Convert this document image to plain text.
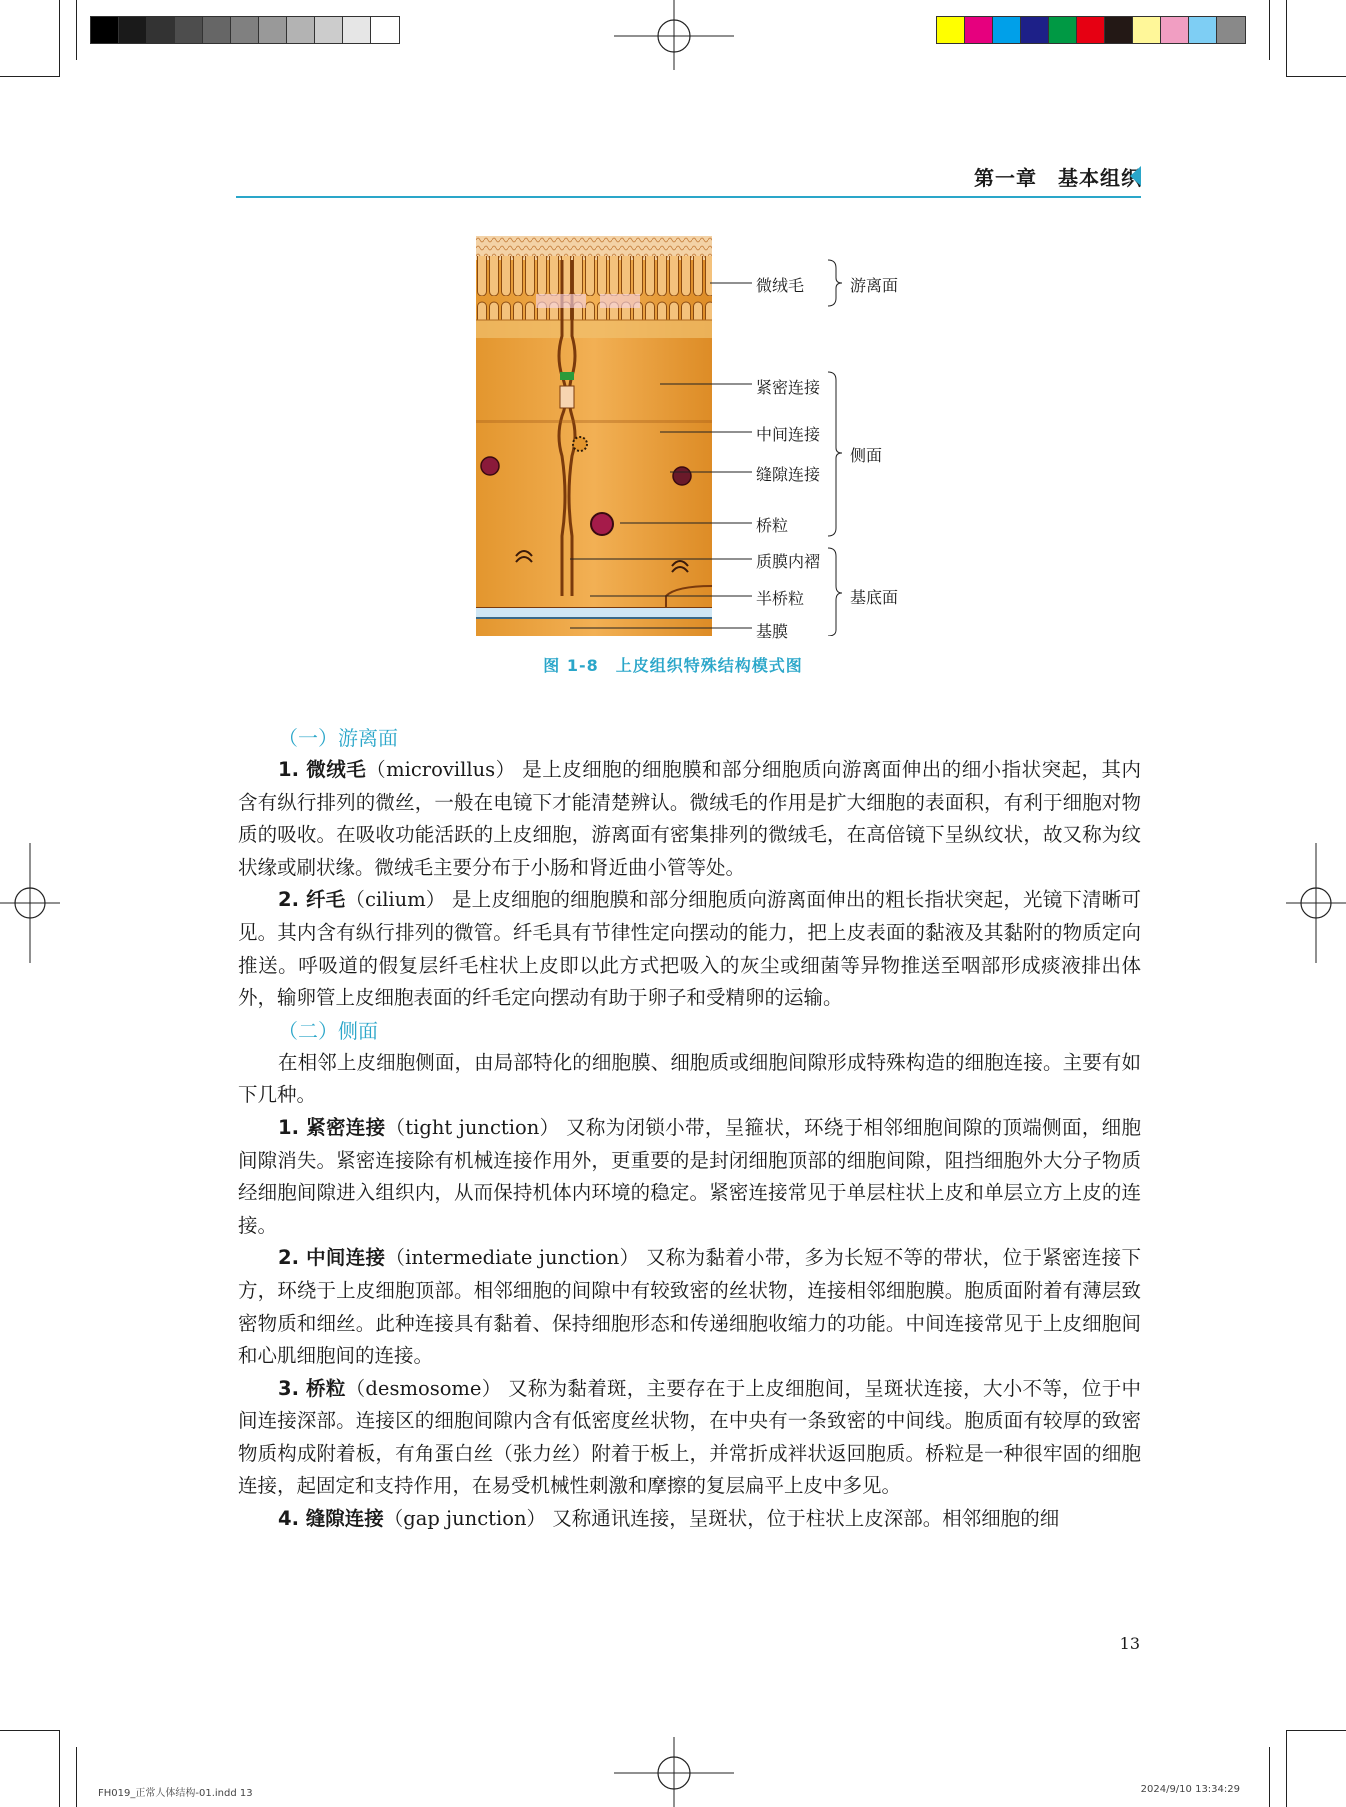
第一章　基本组织
微绒毛	游离面
紧密连接
中间连接
侧面
缝隙连接
桥粒
质膜内褶
基底面
半桥粒
基膜
图 1-8　上皮组织特殊结构模式图

（一）游离面

1. 微绒毛（microvillus） 是上皮细胞的细胞膜和部分细胞质向游离面伸出的细小指状突起，其内含有纵行排列的微丝，一般在电镜下才能清楚辨认。微绒毛的作用是扩大细胞的表面积，有利于细胞对物质的吸收。在吸收功能活跃的上皮细胞，游离面有密集排列的微绒毛，在高倍镜下呈纵纹状，故又称为纹状缘或刷状缘。微绒毛主要分布于小肠和肾近曲小管等处。

2. 纤毛（cilium） 是上皮细胞的细胞膜和部分细胞质向游离面伸出的粗长指状突起，光镜下清晰可见。其内含有纵行排列的微管。纤毛具有节律性定向摆动的能力，把上皮表面的黏液及其黏附的物质定向推送。呼吸道的假复层纤毛柱状上皮即以此方式把吸入的灰尘或细菌等异物推送至咽部形成痰液排出体外，输卵管上皮细胞表面的纤毛定向摆动有助于卵子和受精卵的运输。

（二）侧面

在相邻上皮细胞侧面，由局部特化的细胞膜、细胞质或细胞间隙形成特殊构造的细胞连接。主要有如下几种。

1. 紧密连接（tight junction） 又称为闭锁小带，呈箍状，环绕于相邻细胞间隙的顶端侧面，细胞间隙消失。紧密连接除有机械连接作用外，更重要的是封闭细胞顶部的细胞间隙，阻挡细胞外大分子物质经细胞间隙进入组织内，从而保持机体内环境的稳定。紧密连接常见于单层柱状上皮和单层立方上皮的连接。

2. 中间连接（intermediate junction） 又称为黏着小带，多为长短不等的带状，位于紧密连接下方，环绕于上皮细胞顶部。相邻细胞的间隙中有较致密的丝状物，连接相邻细胞膜。胞质面附着有薄层致密物质和细丝。此种连接具有黏着、保持细胞形态和传递细胞收缩力的功能。中间连接常见于上皮细胞间和心肌细胞间的连接。

3. 桥粒（desmosome） 又称为黏着斑，主要存在于上皮细胞间，呈斑状连接，大小不等，位于中间连接深部。连接区的细胞间隙内含有低密度丝状物，在中央有一条致密的中间线。胞质面有较厚的致密物质构成附着板，有角蛋白丝（张力丝）附着于板上，并常折成袢状返回胞质。桥粒是一种很牢固的细胞连接，起固定和支持作用，在易受机械性刺激和摩擦的复层扁平上皮中多见。

4. 缝隙连接（gap junction） 又称通讯连接，呈斑状，位于柱状上皮深部。相邻细胞的细

13
FH019_正常人体结构-01.indd 13	2024/9/10 13:34:29
